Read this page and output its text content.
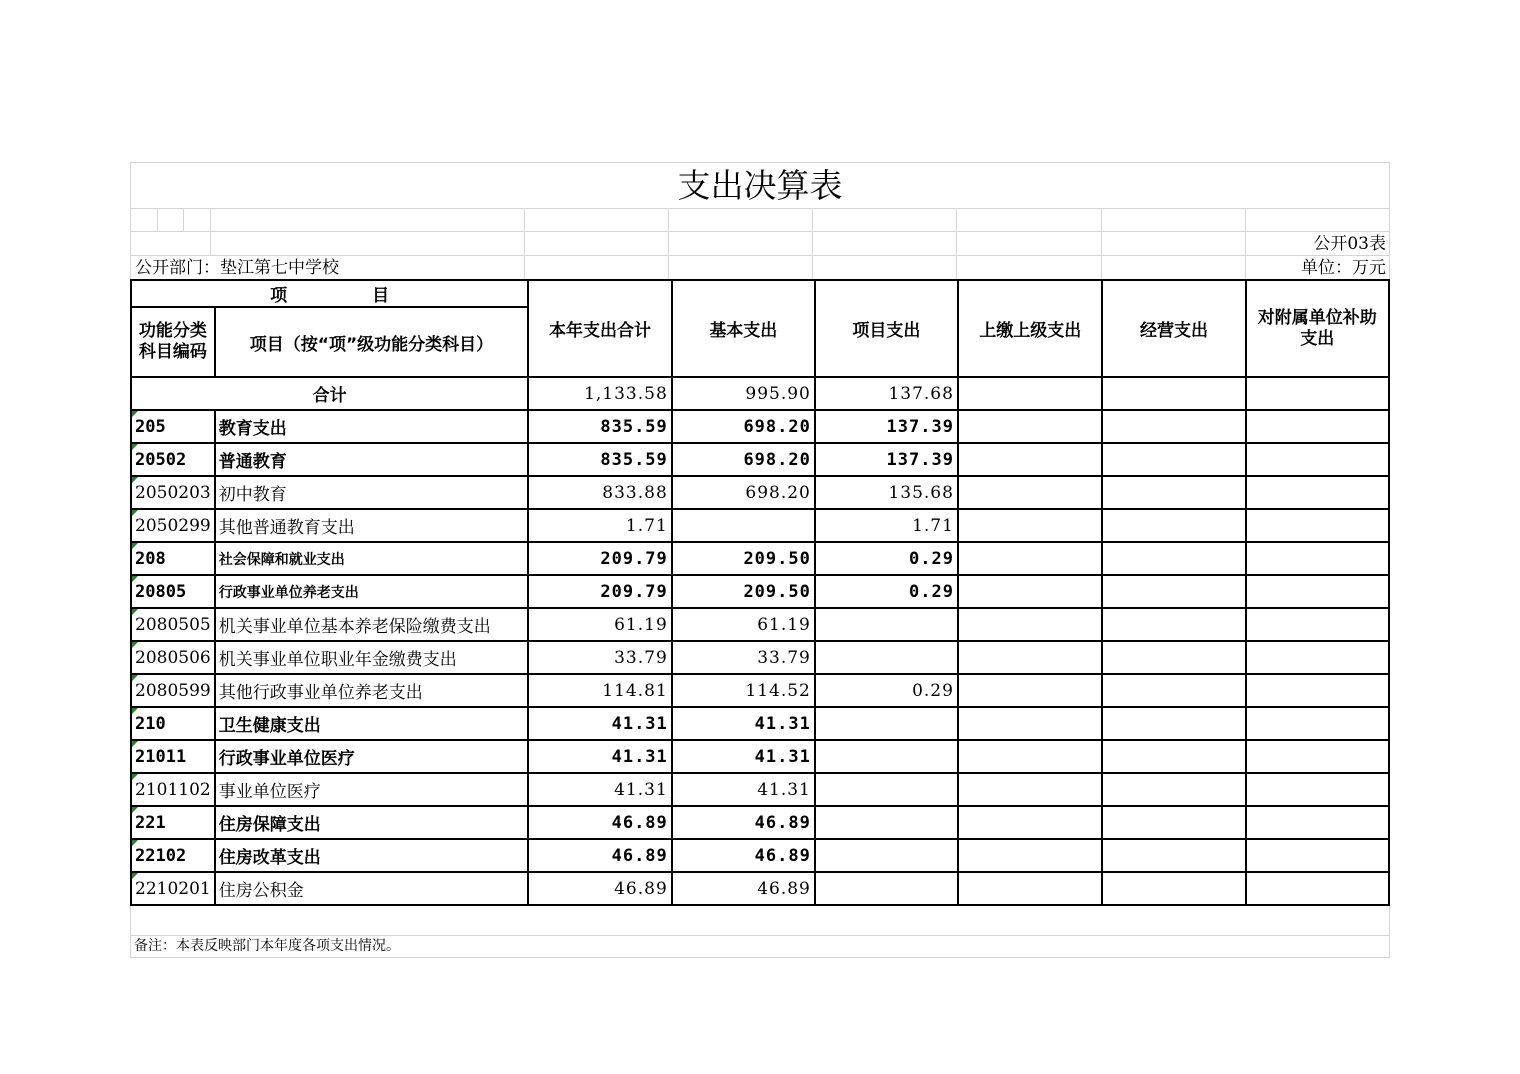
支出决算表
公开03表
公开部门：垫江第七中学校	单位：万元
项　　　　　目		本年支出合计	基本支出	项目支出	上缴上级支出	经营支出	对附属单位补助支出
功能分类科目编码	项目（按“项”级功能分类科目）						
合计		1,133.58	995.90	137.68			
205	教育支出	835.59	698.20	137.39			
20502	普通教育	835.59	698.20	137.39			
2050203	初中教育	833.88	698.20	135.68			
2050299	其他普通教育支出	1.71		1.71			
208	社会保障和就业支出	209.79	209.50	0.29			
20805	行政事业单位养老支出	209.79	209.50	0.29			
2080505	机关事业单位基本养老保险缴费支出	61.19	61.19				
2080506	机关事业单位职业年金缴费支出	33.79	33.79				
2080599	其他行政事业单位养老支出	114.81	114.52	0.29			
210	卫生健康支出	41.31	41.31				
21011	行政事业单位医疗	41.31	41.31				
2101102	事业单位医疗	41.31	41.31				
221	住房保障支出	46.89	46.89				
22102	住房改革支出	46.89	46.89				
2210201	住房公积金	46.89	46.89				
备注：本表反映部门本年度各项支出情况。
